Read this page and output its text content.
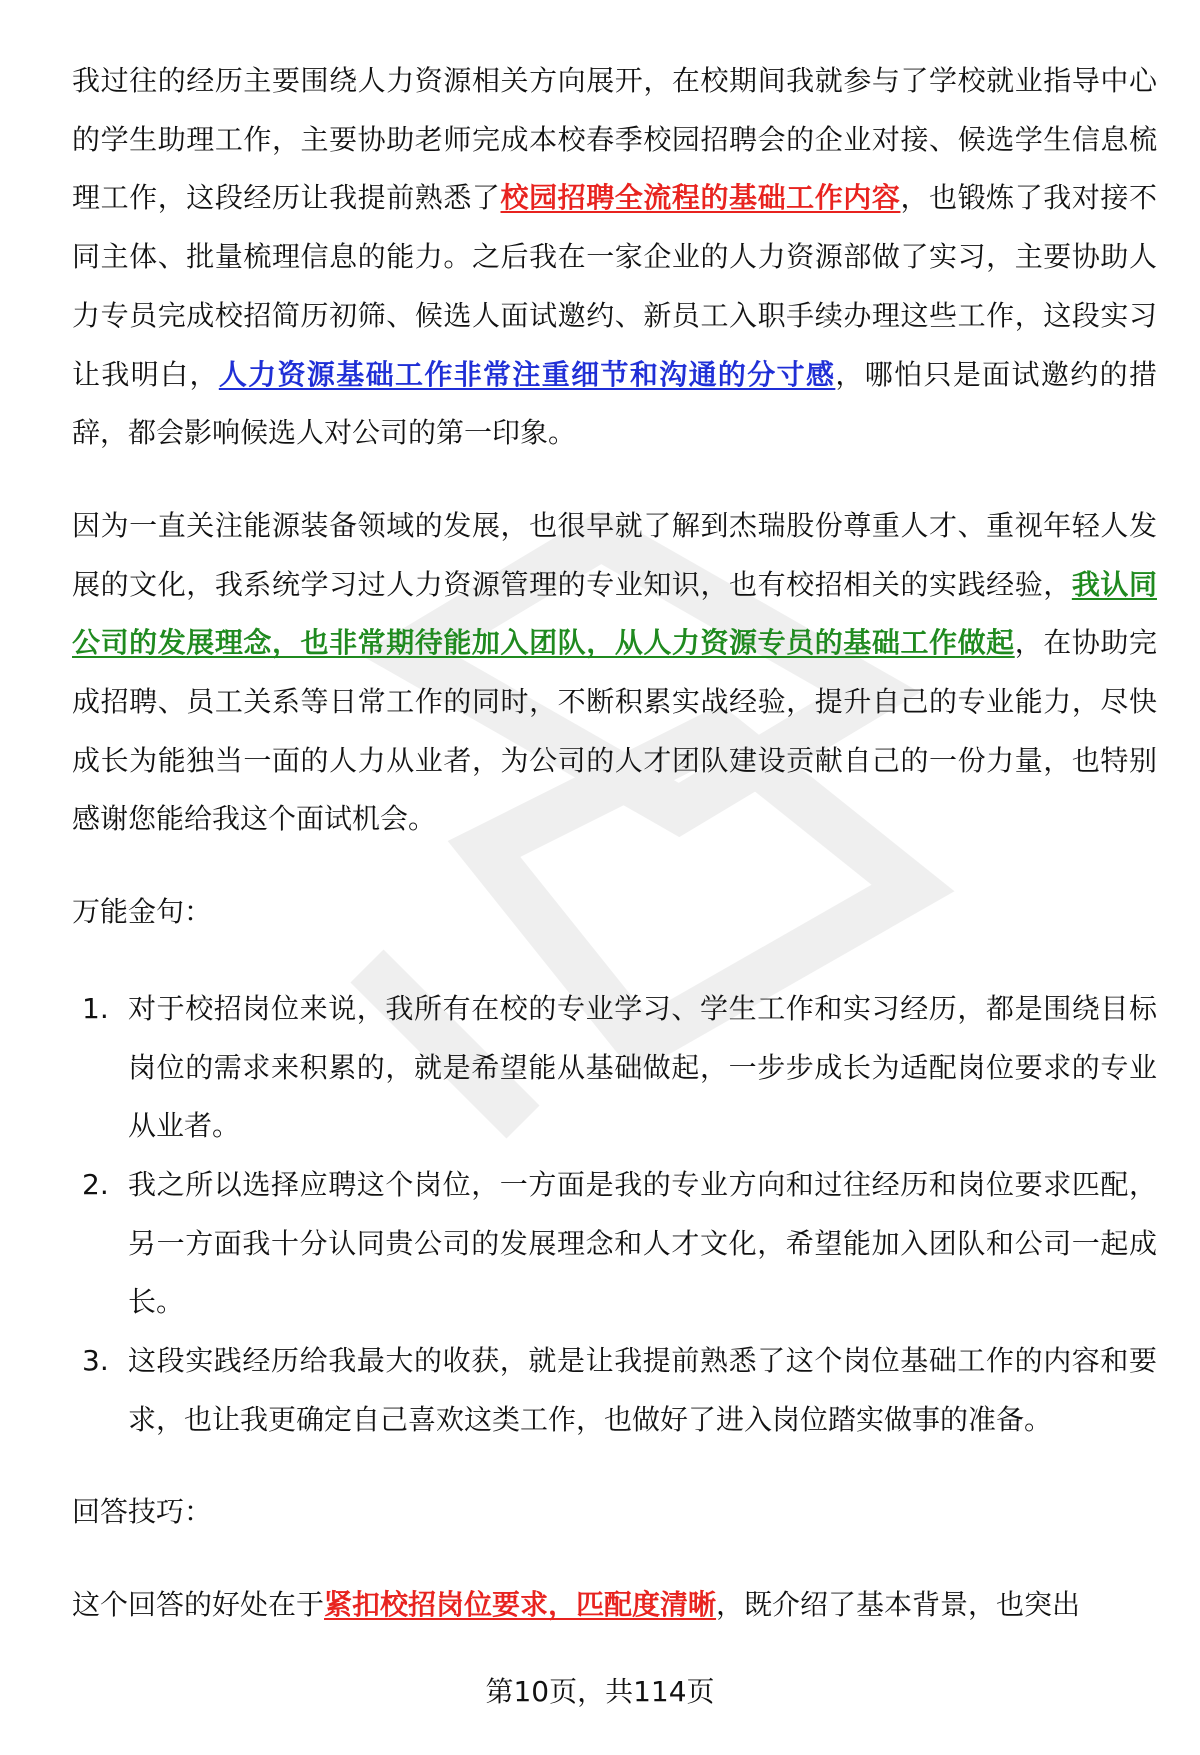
我过往的经历主要围绕人力资源相关方向展开，在校期间我就参与了学校就业指导中心的学生助理工作，主要协助老师完成本校春季校园招聘会的企业对接、候选学生信息梳理工作，这段经历让我提前熟悉了校园招聘全流程的基础工作内容，也锻炼了我对接不同主体、批量梳理信息的能力。之后我在一家企业的人力资源部做了实习，主要协助人力专员完成校招简历初筛、候选人面试邀约、新员工入职手续办理这些工作，这段实习让我明白，人力资源基础工作非常注重细节和沟通的分寸感，哪怕只是面试邀约的措辞，都会影响候选人对公司的第一印象。

因为一直关注能源装备领域的发展，也很早就了解到杰瑞股份尊重人才、重视年轻人发展的文化，我系统学习过人力资源管理的专业知识，也有校招相关的实践经验，我认同公司的发展理念，也非常期待能加入团队，从人力资源专员的基础工作做起，在协助完成招聘、员工关系等日常工作的同时，不断积累实战经验，提升自己的专业能力，尽快成长为能独当一面的人力从业者，为公司的人才团队建设贡献自己的一份力量，也特别感谢您能给我这个面试机会。

万能金句：

1. 对于校招岗位来说，我所有在校的专业学习、学生工作和实习经历，都是围绕目标岗位的需求来积累的，就是希望能从基础做起，一步步成长为适配岗位要求的专业从业者。
2. 我之所以选择应聘这个岗位，一方面是我的专业方向和过往经历和岗位要求匹配，另一方面我十分认同贵公司的发展理念和人才文化，希望能加入团队和公司一起成长。
3. 这段实践经历给我最大的收获，就是让我提前熟悉了这个岗位基础工作的内容和要求，也让我更确定自己喜欢这类工作，也做好了进入岗位踏实做事的准备。

回答技巧：

这个回答的好处在于紧扣校招岗位要求，匹配度清晰，既介绍了基本背景，也突出

第10页，共114页
